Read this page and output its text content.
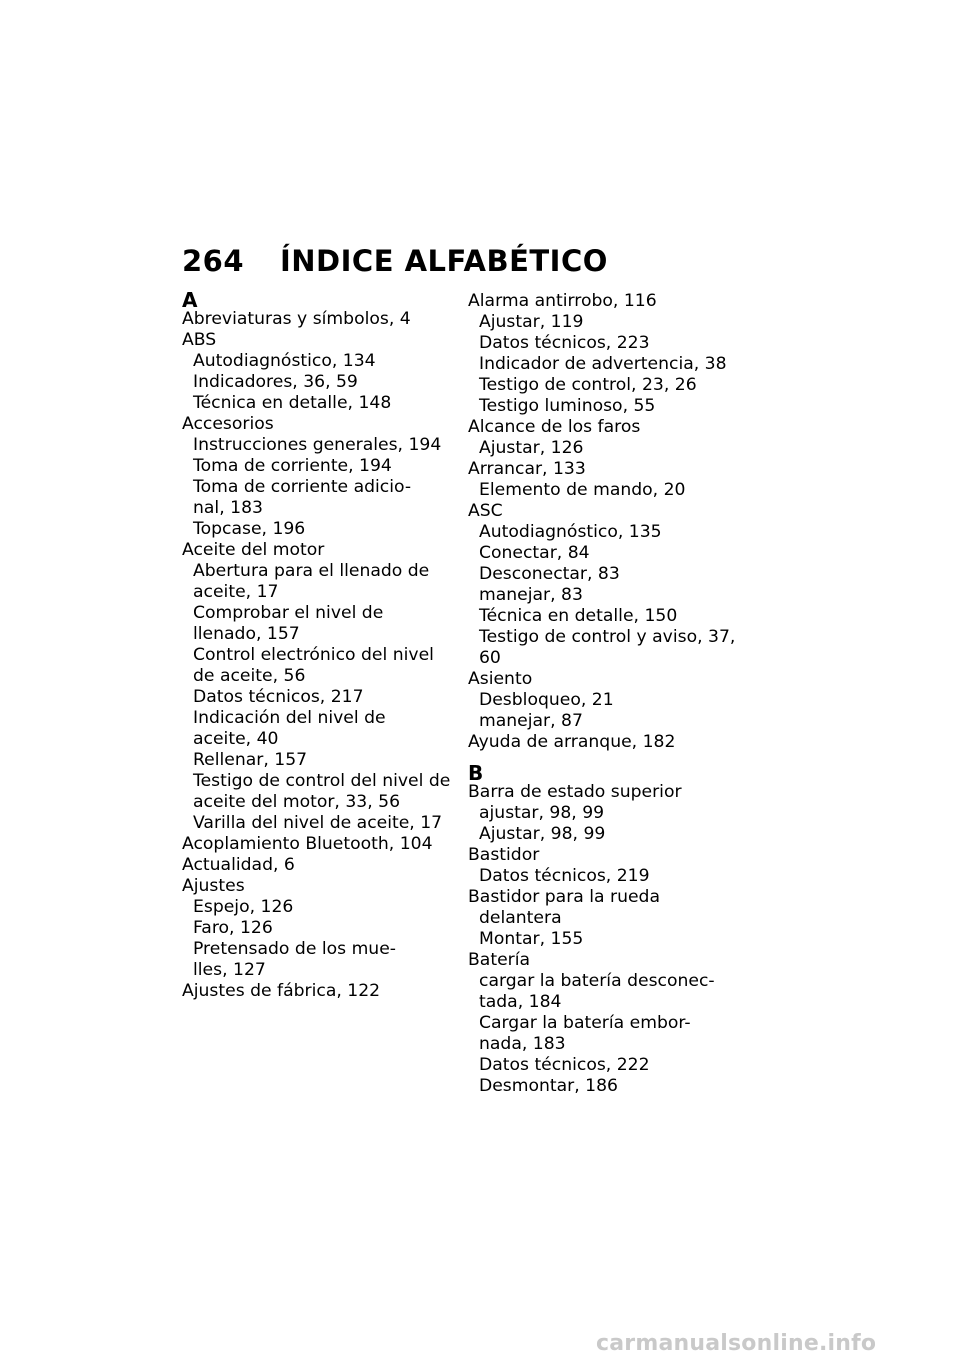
264	ÍNDICE ALFABÉTICO
A
Abreviaturas y símbolos, 4
ABS
Autodiagnóstico, 134
Indicadores, 36, 59
Técnica en detalle, 148
Accesorios
Instrucciones generales, 194
Toma de corriente, 194
Toma de corriente adicio-
nal, 183
Topcase, 196
Aceite del motor
Abertura para el llenado de
aceite, 17
Comprobar el nivel de
llenado, 157
Control electrónico del nivel
de aceite, 56
Datos técnicos, 217
Indicación del nivel de
aceite, 40
Rellenar, 157
Testigo de control del nivel de
aceite del motor, 33, 56
Varilla del nivel de aceite, 17
Acoplamiento Bluetooth, 104
Actualidad, 6
Ajustes
Espejo, 126
Faro, 126
Pretensado de los mue-
lles, 127
Ajustes de fábrica, 122
Alarma antirrobo, 116
Ajustar, 119
Datos técnicos, 223
Indicador de advertencia, 38
Testigo de control, 23, 26
Testigo luminoso, 55
Alcance de los faros
Ajustar, 126
Arrancar, 133
Elemento de mando, 20
ASC
Autodiagnóstico, 135
Conectar, 84
Desconectar, 83
manejar, 83
Técnica en detalle, 150
Testigo de control y aviso, 37,
60
Asiento
Desbloqueo, 21
manejar, 87
Ayuda de arranque, 182
B
Barra de estado superior
ajustar, 98, 99
Ajustar, 98, 99
Bastidor
Datos técnicos, 219
Bastidor para la rueda
delantera
Montar, 155
Batería
cargar la batería desconec-
tada, 184
Cargar la batería embor-
nada, 183
Datos técnicos, 222
Desmontar, 186
carmanualsonline.info
